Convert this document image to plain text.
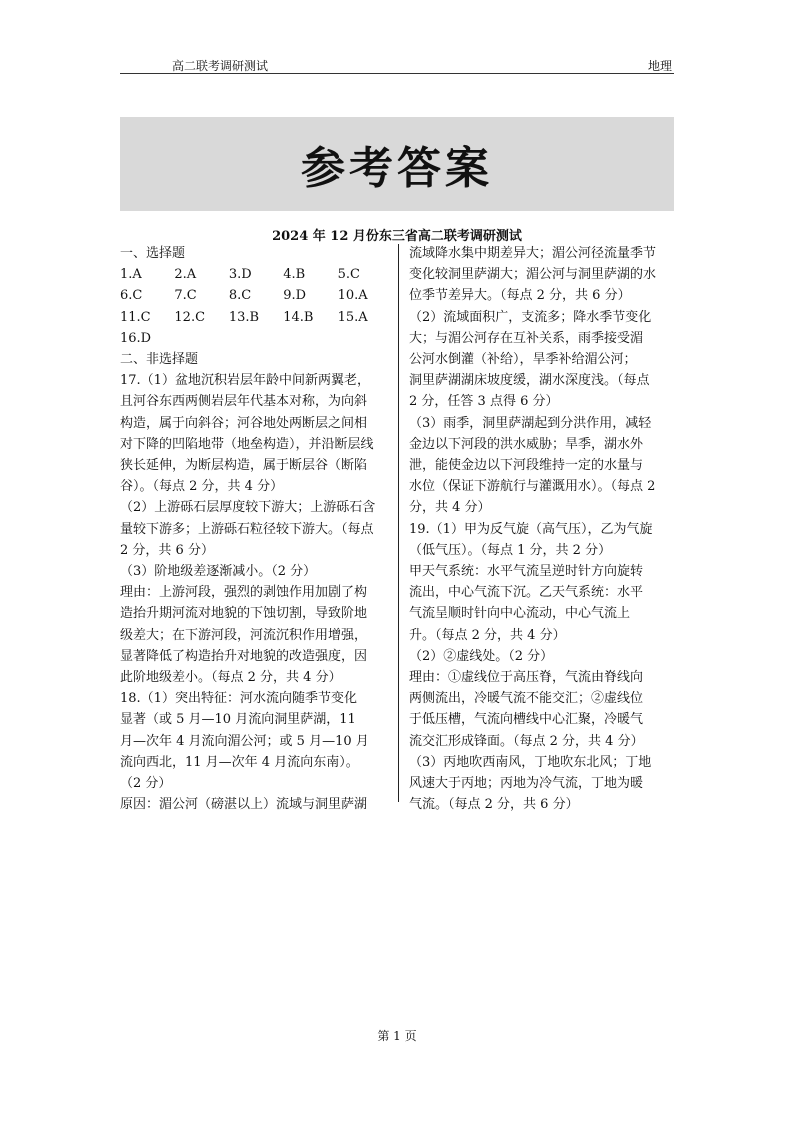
高二联考调研测试	地理
参考答案
2024 年 12 月份东三省高二联考调研测试
一、选择题
1.A	2.A	3.D	4.B	5.C
6.C	7.C	8.C	9.D	10.A
11.C	12.C	13.B	14.B	15.A
16.D
二、非选择题
17.（1）盆地沉积岩层年龄中间新两翼老，
且河谷东西两侧岩层年代基本对称，为向斜
构造，属于向斜谷；河谷地处两断层之间相
对下降的凹陷地带（地垒构造），并沿断层线
狭长延伸，为断层构造，属于断层谷（断陷
谷）。（每点 2 分，共 4 分）
（2）上游砾石层厚度较下游大；上游砾石含
量较下游多；上游砾石粒径较下游大。（每点
2 分，共 6 分）
（3）阶地级差逐渐减小。（2 分）
理由：上游河段，强烈的剥蚀作用加剧了构
造抬升期河流对地貌的下蚀切割，导致阶地
级差大；在下游河段，河流沉积作用增强，
显著降低了构造抬升对地貌的改造强度，因
此阶地级差小。（每点 2 分，共 4 分）
18.（1）突出特征：河水流向随季节变化
显著（或 5 月—10 月流向洞里萨湖，11
月—次年 4 月流向湄公河；或 5 月—10 月
流向西北，11 月—次年 4 月流向东南）。
（2 分）
原因：湄公河（磅湛以上）流域与洞里萨湖
流域降水集中期差异大；湄公河径流量季节
变化较洞里萨湖大；湄公河与洞里萨湖的水
位季节差异大。（每点 2 分，共 6 分）
（2）流域面积广，支流多；降水季节变化
大；与湄公河存在互补关系，雨季接受湄
公河水倒灌（补给），旱季补给湄公河；
洞里萨湖湖床坡度缓，湖水深度浅。（每点
2 分，任答 3 点得 6 分）
（3）雨季，洞里萨湖起到分洪作用，减轻
金边以下河段的洪水威胁；旱季，湖水外
泄，能使金边以下河段维持一定的水量与
水位（保证下游航行与灌溉用水）。（每点 2
分，共 4 分）
19.（1）甲为反气旋（高气压），乙为气旋
（低气压）。（每点 1 分，共 2 分）
甲天气系统：水平气流呈逆时针方向旋转
流出，中心气流下沉。乙天气系统：水平
气流呈顺时针向中心流动，中心气流上
升。（每点 2 分，共 4 分）
（2）②虚线处。（2 分）
理由：①虚线位于高压脊，气流由脊线向
两侧流出，冷暖气流不能交汇；②虚线位
于低压槽，气流向槽线中心汇聚，冷暖气
流交汇形成锋面。（每点 2 分，共 4 分）
（3）丙地吹西南风，丁地吹东北风；丁地
风速大于丙地；丙地为冷气流，丁地为暖
气流。（每点 2 分，共 6 分）
第 1 页
